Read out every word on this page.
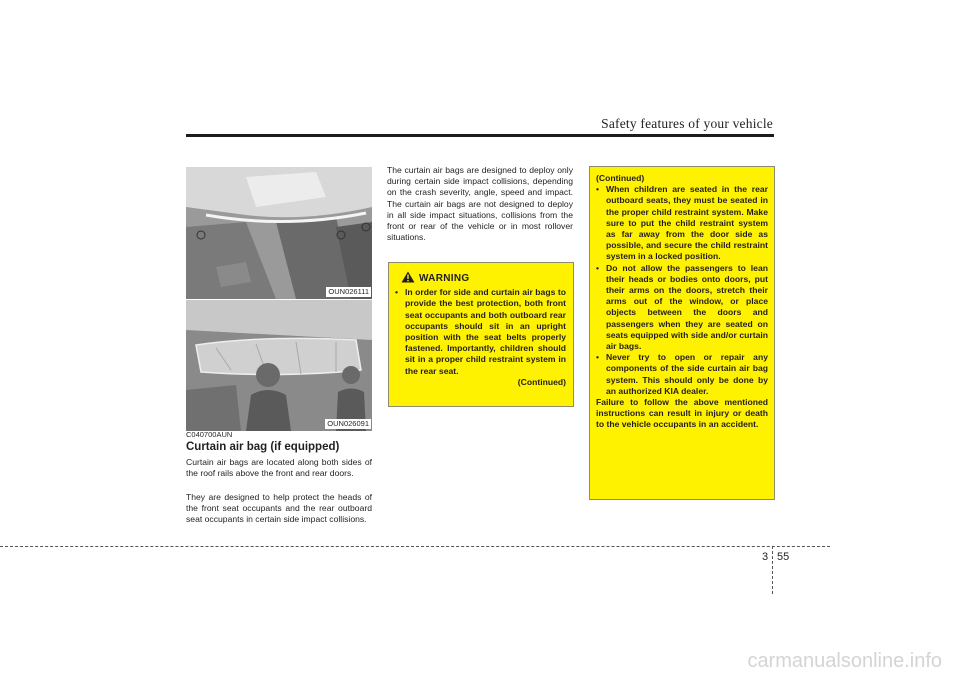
Safety features of your vehicle
OUN026111
OUN026091
C040700AUN
Curtain air bag (if equipped)

Curtain air bags are located along both sides of the roof rails above the front and rear doors.

They are designed to help protect the heads of the front seat occupants and the rear outboard seat occupants in certain side impact collisions.

The curtain air bags are designed to deploy only during certain side impact collisions, depending on the crash severity, angle, speed and impact. The curtain air bags are not designed to deploy in all side impact situations, collisions from the front or rear of the vehicle or in most rollover situations.

WARNING
• In order for side and curtain air bags to provide the best protection, both front seat occupants and both outboard rear occupants should sit in an upright position with the seat belts properly fastened. Importantly, children should sit in a proper child restraint system in the rear seat.
(Continued)
(Continued)
• When children are seated in the rear outboard seats, they must be seated in the proper child restraint system. Make sure to put the child restraint system as far away from the door side as possible, and secure the child restraint system in a locked position.
• Do not allow the passengers to lean their heads or bodies onto doors, put their arms on the doors, stretch their arms out of the window, or place objects between the doors and passengers when they are seated on seats equipped with side and/or curtain air bags.
• Never try to open or repair any components of the side curtain air bag system. This should only be done by an authorized KIA dealer.
Failure to follow the above mentioned instructions can result in injury or death to the vehicle occupants in an accident.
3 55
carmanualsonline.info
